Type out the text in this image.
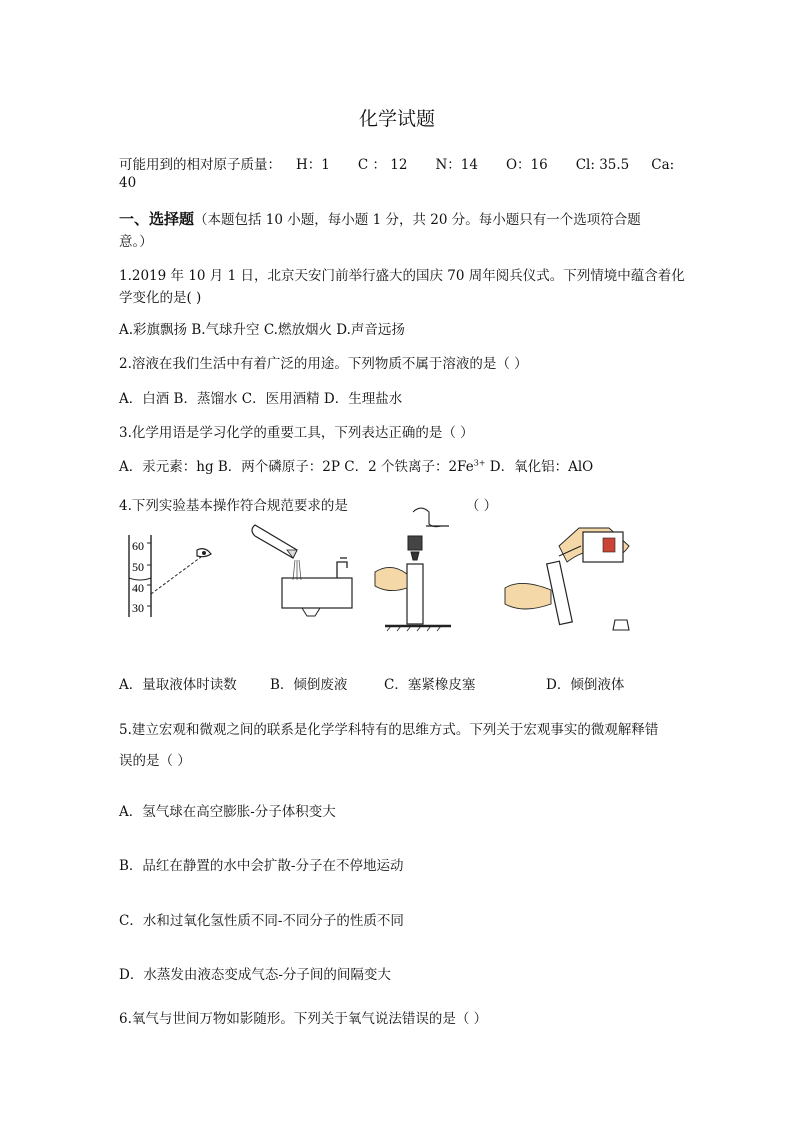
化学试题
可能用到的相对原子质量： H：1 C ： 12 N：14 O：16 Cl: 35.5 Ca:
40
一、选择题（本题包括 10 小题，每小题 1 分，共 20 分。每小题只有一个选项符合题
意。）
1.2019 年 10 月 1 日，北京天安门前举行盛大的国庆 70 周年阅兵仪式。下列情境中蕴含着化
学变化的是( )
A.彩旗飘扬 B.气球升空 C.燃放烟火 D.声音远扬
2.溶液在我们生活中有着广泛的用途。下列物质不属于溶液的是（ ）
A．白酒 B．蒸馏水 C．医用酒精 D．生理盐水
3.化学用语是学习化学的重要工具，下列表达正确的是（ ）
A．汞元素：hg B．两个磷原子：2P C．2 个铁离子：$2Fe^{3+}$ D．氧化铝：AlO
4.下列实验基本操作符合规范要求的是	（ ）
60
50
40
30
A．量取液体时读数 B．倾倒废液	C．塞紧橡皮塞	D．倾倒液体
5.建立宏观和微观之间的联系是化学学科特有的思维方式。下列关于宏观事实的微观解释错
误的是（ ）
A．氢气球在高空膨胀-分子体积变大
B．品红在静置的水中会扩散-分子在不停地运动
C．水和过氧化氢性质不同-不同分子的性质不同
D．水蒸发由液态变成气态-分子间的间隔变大
6.氧气与世间万物如影随形。下列关于氧气说法错误的是（ ）
